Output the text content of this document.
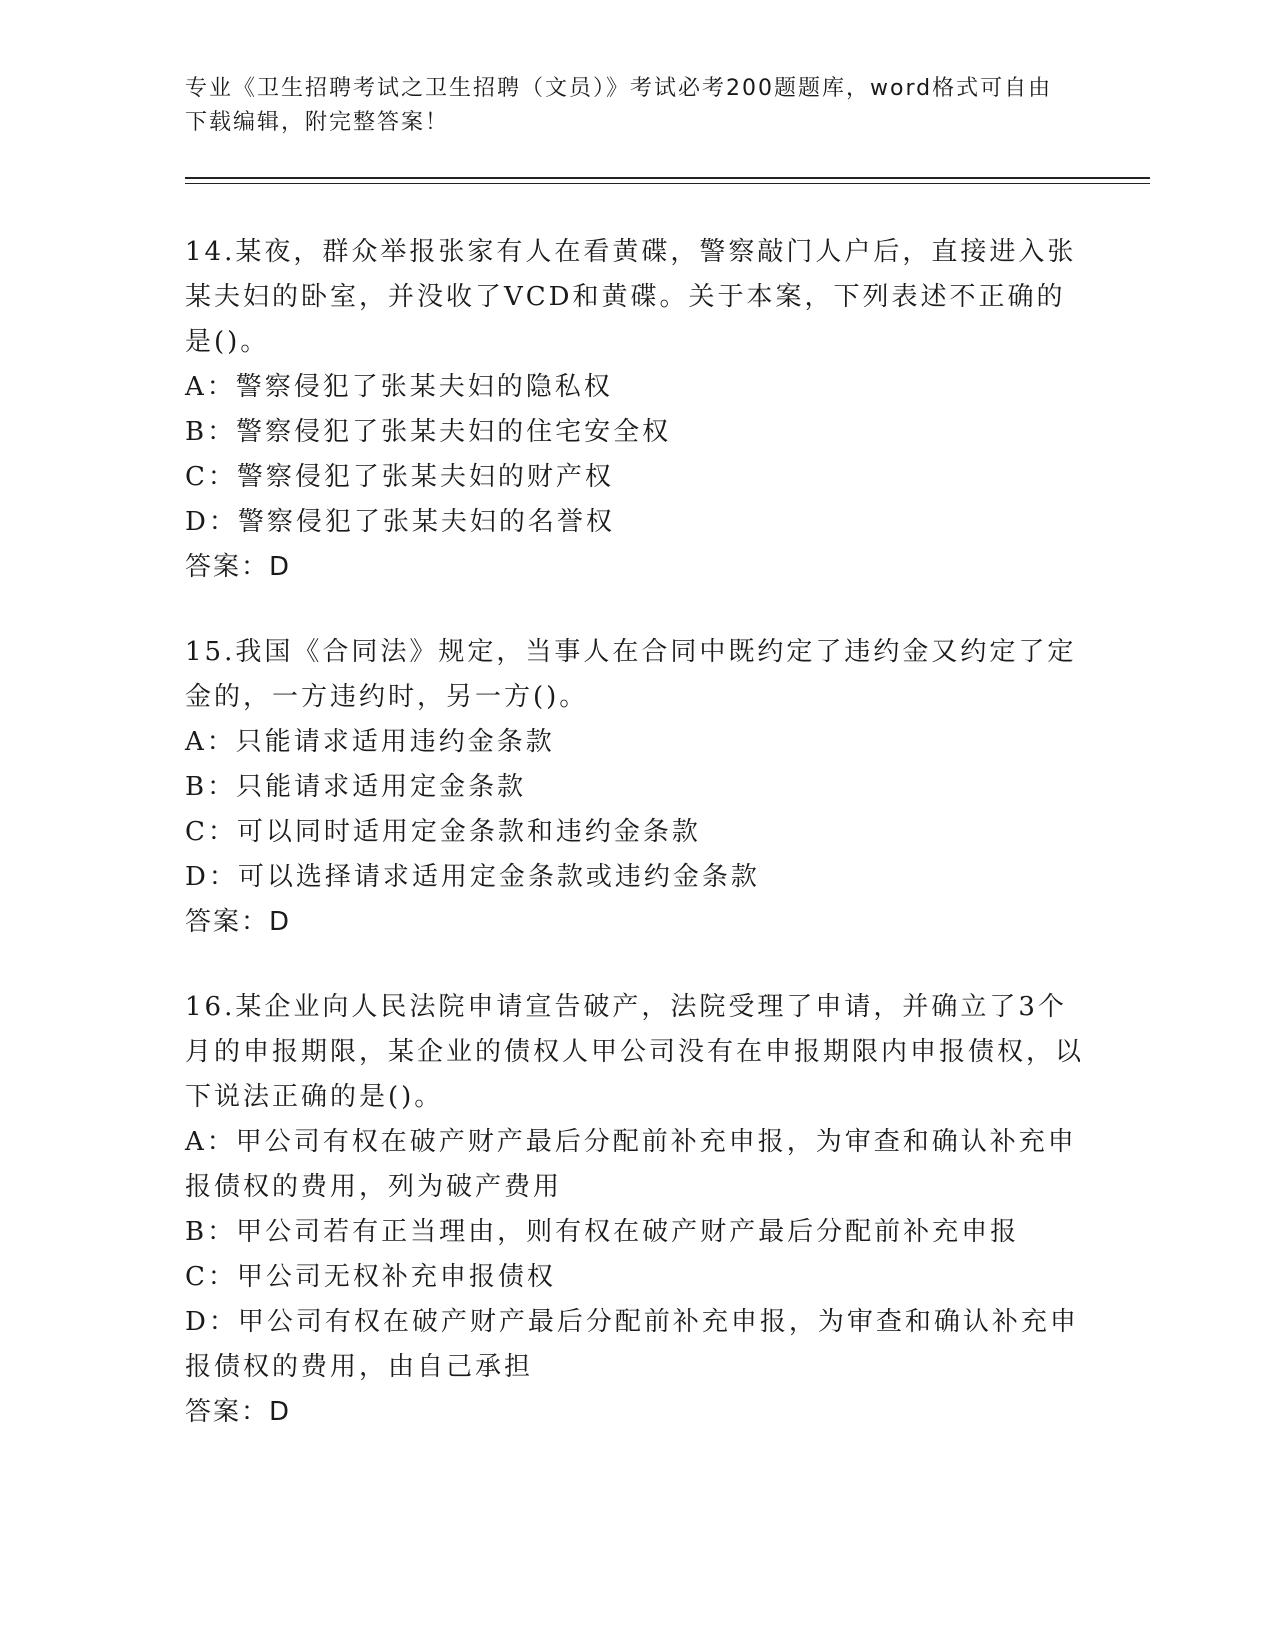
专业《卫生招聘考试之卫生招聘（文员）》考试必考200题题库，word格式可自由下载编辑，附完整答案！
14.某夜，群众举报张家有人在看黄碟，警察敲门人户后，直接进入张某夫妇的卧室，并没收了VCD和黄碟。关于本案，下列表述不正确的是()。
A：警察侵犯了张某夫妇的隐私权
B：警察侵犯了张某夫妇的住宅安全权
C：警察侵犯了张某夫妇的财产权
D：警察侵犯了张某夫妇的名誉权
答案：D
15.我国《合同法》规定，当事人在合同中既约定了违约金又约定了定金的，一方违约时，另一方()。
A：只能请求适用违约金条款
B：只能请求适用定金条款
C：可以同时适用定金条款和违约金条款
D：可以选择请求适用定金条款或违约金条款
答案：D
16.某企业向人民法院申请宣告破产，法院受理了申请，并确立了3个月的申报期限，某企业的债权人甲公司没有在申报期限内申报债权，以下说法正确的是()。
A：甲公司有权在破产财产最后分配前补充申报，为审查和确认补充申报债权的费用，列为破产费用
B：甲公司若有正当理由，则有权在破产财产最后分配前补充申报
C：甲公司无权补充申报债权
D：甲公司有权在破产财产最后分配前补充申报，为审查和确认补充申报债权的费用，由自己承担
答案：D
